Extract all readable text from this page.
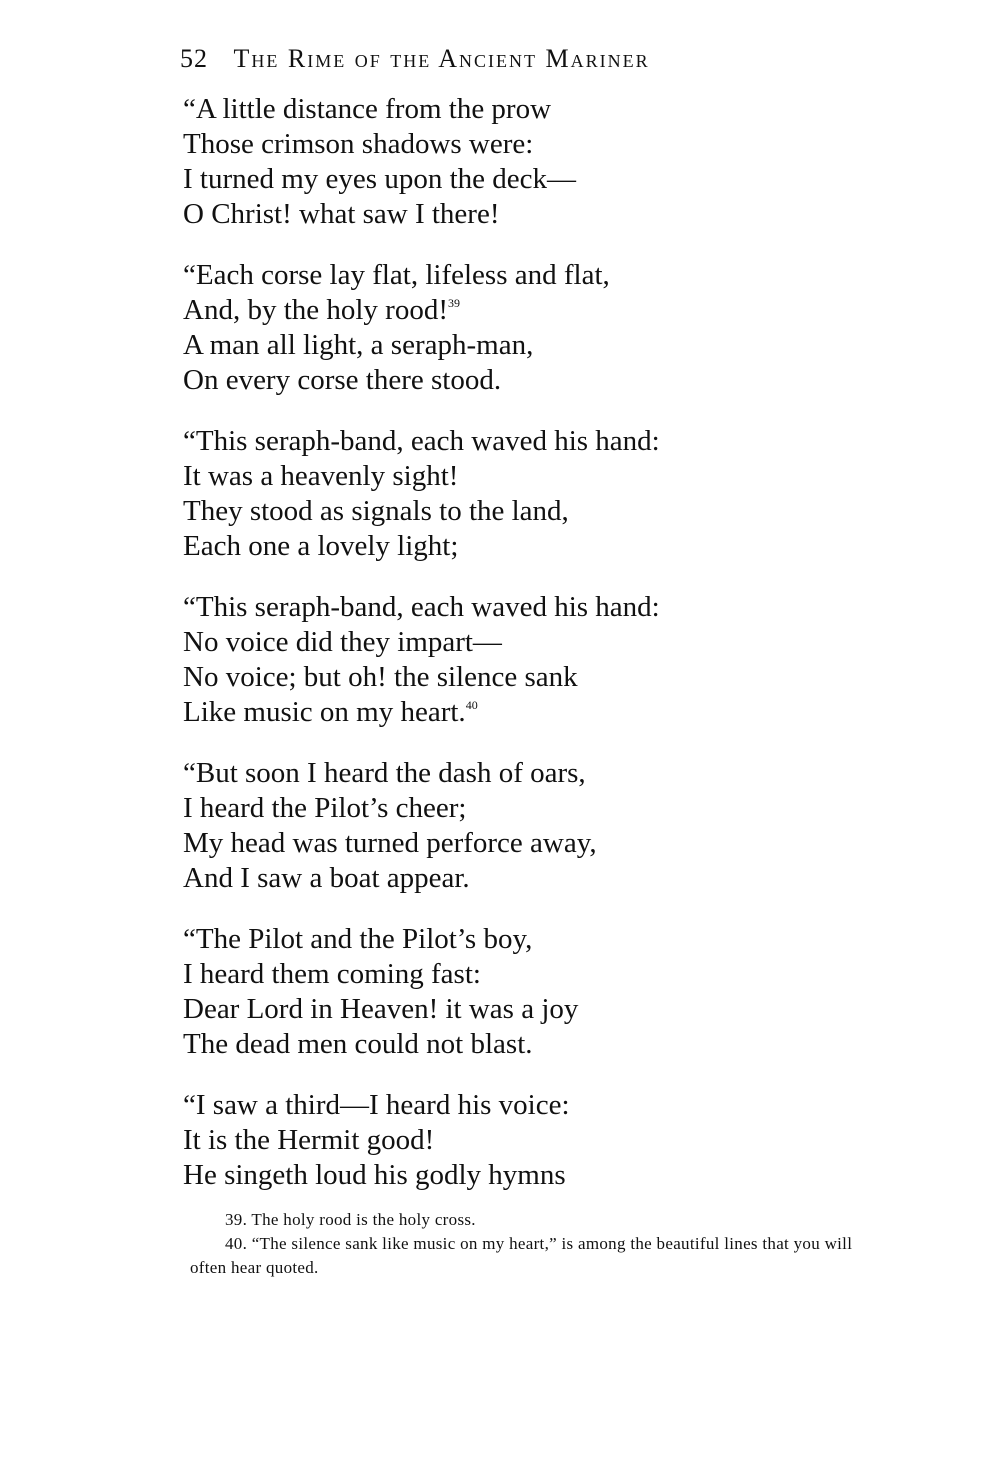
52 The Rime of the Ancient Mariner
“A little distance from the prow
Those crimson shadows were:
I turned my eyes upon the deck—
O Christ! what saw I there!
“Each corse lay flat, lifeless and flat,
And, by the holy rood!$^{39}$
A man all light, a seraph-man,
On every corse there stood.
“This seraph-band, each waved his hand:
It was a heavenly sight!
They stood as signals to the land,
Each one a lovely light;
“This seraph-band, each waved his hand:
No voice did they impart—
No voice; but oh! the silence sank
Like music on my heart.$^{40}$
“But soon I heard the dash of oars,
I heard the Pilot’s cheer;
My head was turned perforce away,
And I saw a boat appear.
“The Pilot and the Pilot’s boy,
I heard them coming fast:
Dear Lord in Heaven! it was a joy
The dead men could not blast.
“I saw a third—I heard his voice:
It is the Hermit good!
He singeth loud his godly hymns

39. The holy rood is the holy cross.

40. “The silence sank like music on my heart,” is among the beautiful lines that you will often hear quoted.
